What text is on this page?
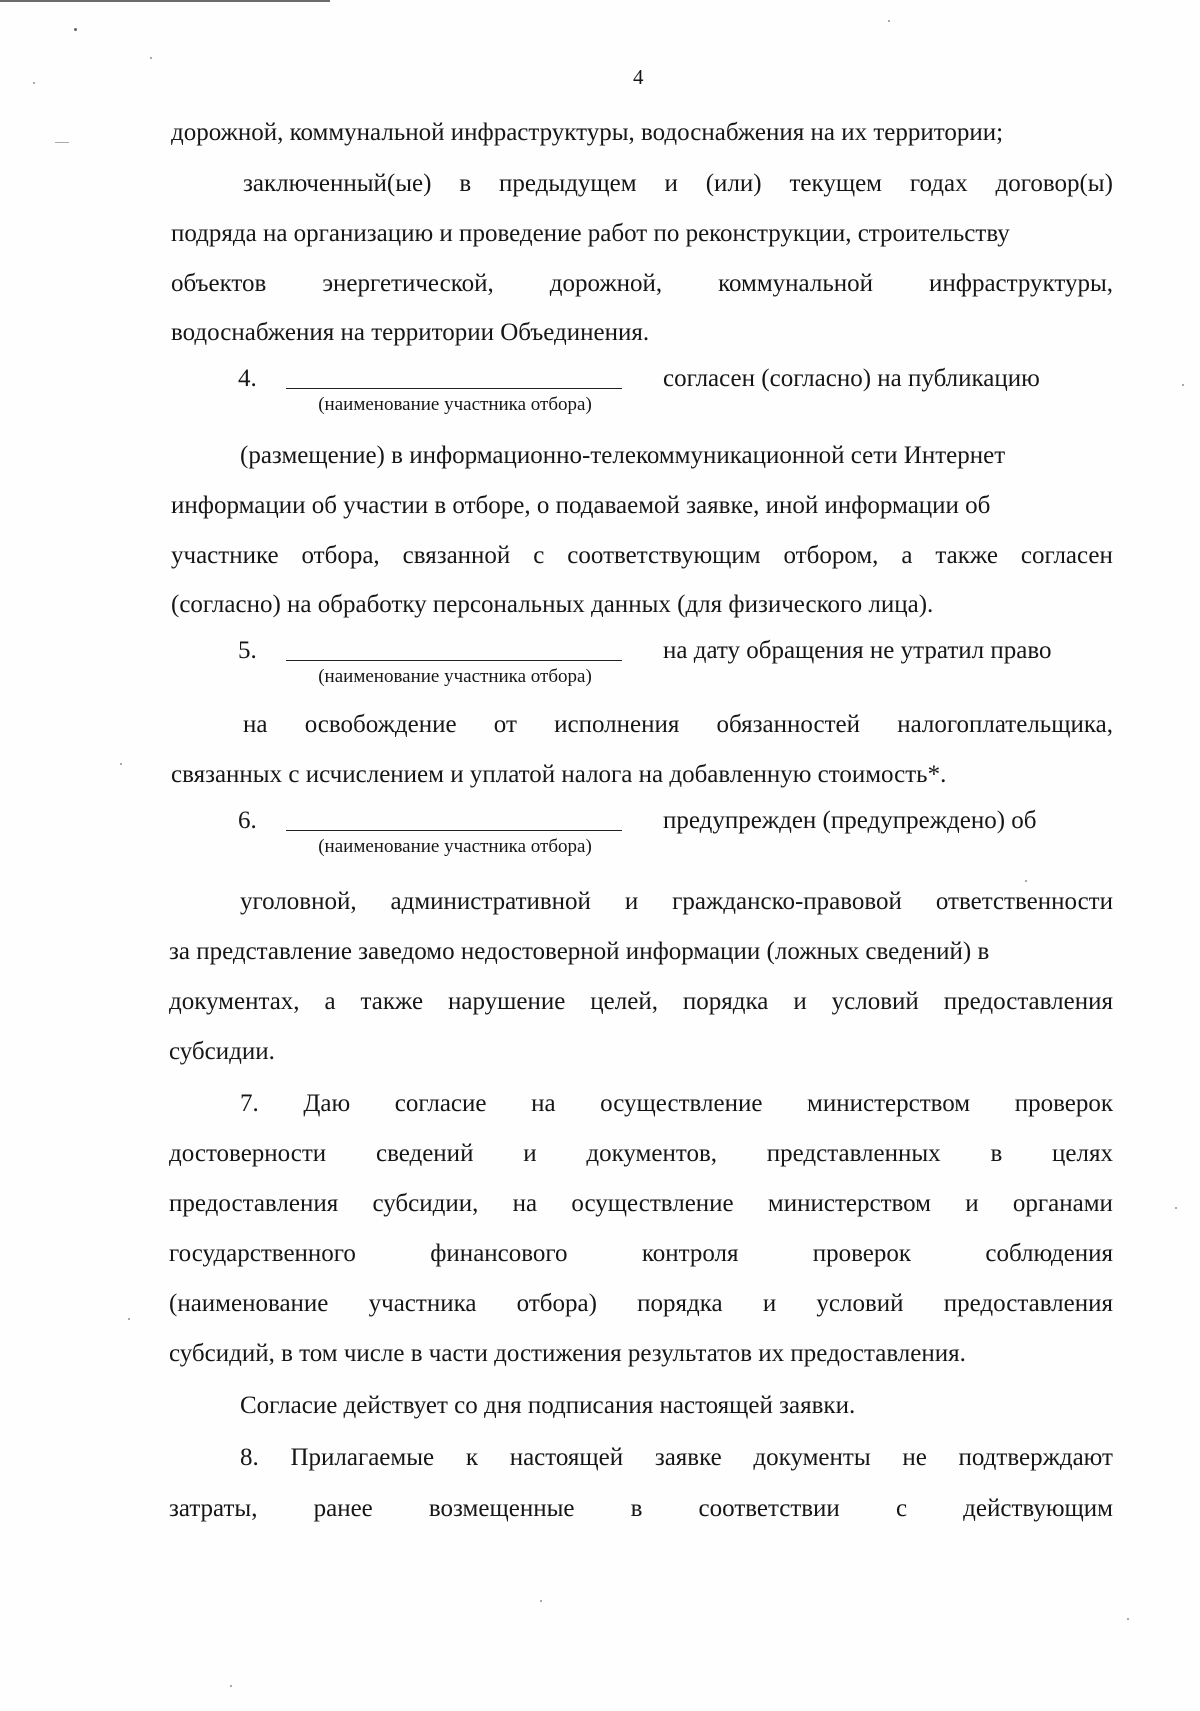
4
дорожной, коммунальной инфраструктуры, водоснабжения на их территории;
заключенный(ые) в предыдущем и (или) текущем годах договор(ы)
подряда на организацию и проведение работ по реконструкции, строительству
объектов энергетической, дорожной, коммунальной инфраструктуры,
водоснабжения на территории Объединения.
4.
(наименование участника отбора)
согласен (согласно) на публикацию
(размещение) в информационно-телекоммуникационной сети Интернет
информации об участии в отборе, о подаваемой заявке, иной информации об
участнике отбора, связанной с соответствующим отбором, а также согласен
(согласно) на обработку персональных данных (для физического лица).
5.
(наименование участника отбора)
на дату обращения не утратил право
на освобождение от исполнения обязанностей налогоплательщика,
связанных с исчислением и уплатой налога на добавленную стоимость*.
6.
(наименование участника отбора)
предупрежден (предупреждено) об
уголовной, административной и гражданско-правовой ответственности
за представление заведомо недостоверной информации (ложных сведений) в
документах, а также нарушение целей, порядка и условий предоставления
субсидии.
7. Даю согласие на осуществление министерством проверок
достоверности сведений и документов, представленных в целях
предоставления субсидии, на осуществление министерством и органами
государственного	финансового	контроля	проверок	соблюдения
(наименование участника отбора) порядка и условий предоставления
субсидий, в том числе в части достижения результатов их предоставления.
Согласие действует со дня подписания настоящей заявки.
8. Прилагаемые к настоящей заявке документы не подтверждают
затраты, ранее возмещенные в соответствии с действующим
